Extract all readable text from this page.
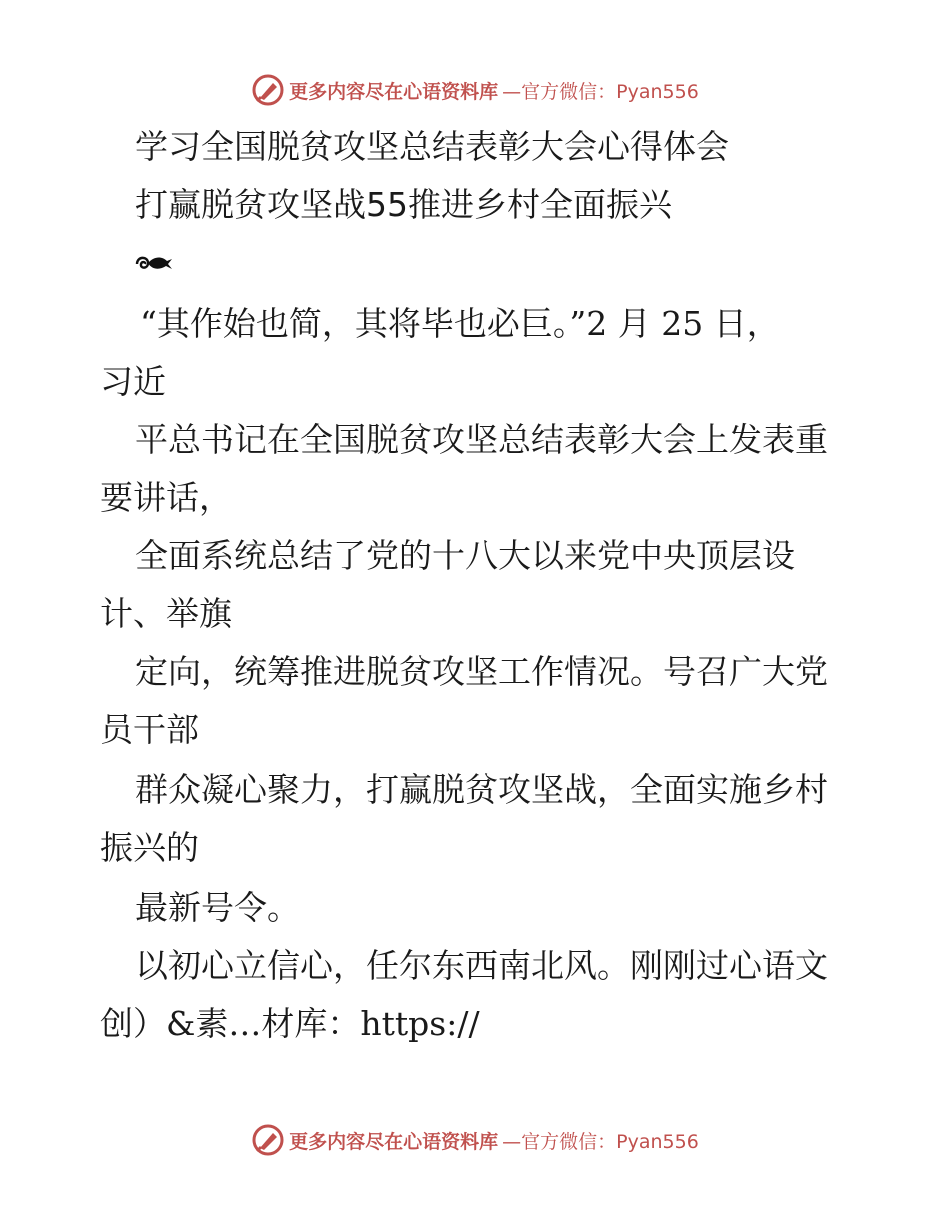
更多内容尽在心语资料库 —官方微信：Pyan556
学习全国脱贫攻坚总结表彰大会心得体会
打赢脱贫攻坚战55推进乡村全面振兴
“其作始也简，其将毕也必巨。”2 月 25 日，
习近
平总书记在全国脱贫攻坚总结表彰大会上发表重
要讲话，
全面系统总结了党的十八大以来党中央顶层设
计、举旗
定向，统筹推进脱贫攻坚工作情况。号召广大党
员干部
群众凝心聚力，打赢脱贫攻坚战，全面实施乡村
振兴的
最新号令。
以初心立信心，任尔东西南北风。刚刚过心语文
创）&素…材库：https://
更多内容尽在心语资料库 —官方微信：Pyan556
